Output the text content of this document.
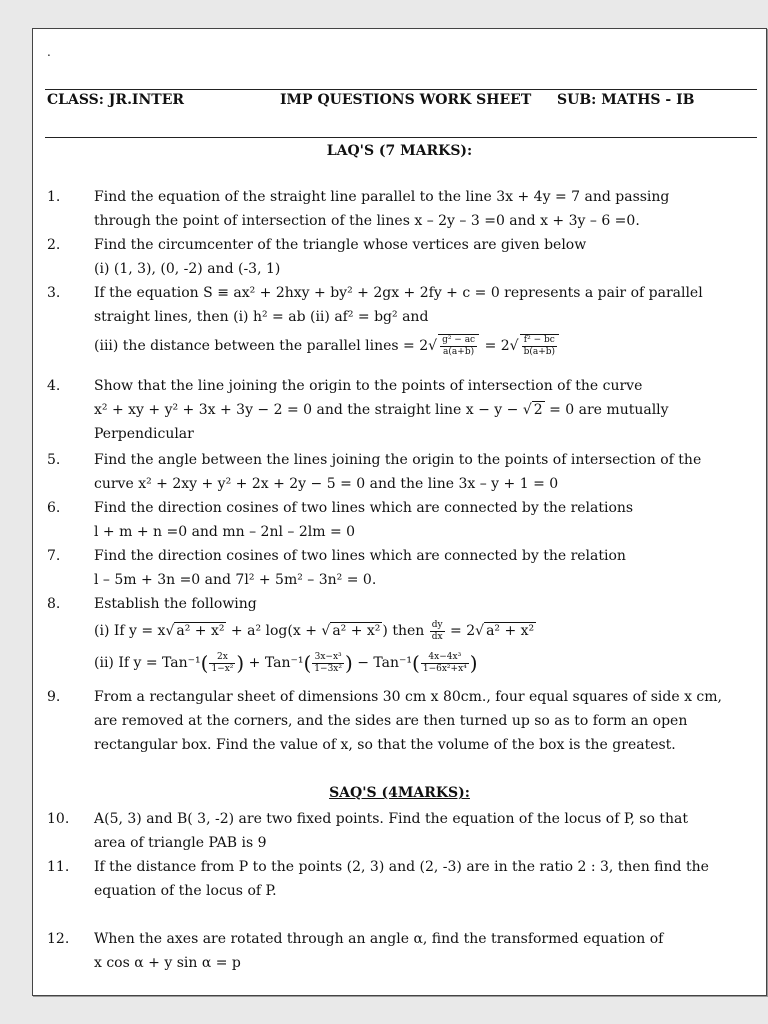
.
CLASS: JR.INTER	IMP QUESTIONS WORK SHEET SUB: MATHS - IB
LAQ'S (7 MARKS):
1.	Find the equation of the straight line parallel to the line 3x + 4y = 7 and passing
through the point of intersection of the lines x – 2y – 3 =0 and x + 3y – 6 =0.
2.	Find the circumcenter of the triangle whose vertices are given below
(i) (1, 3), (0, -2) and (-3, 1)
3.	If the equation S ≡ ax² + 2hxy + by² + 2gx + 2fy + c = 0 represents a pair of parallel
straight lines, then (i) h² = ab (ii) af² = bg² and
(iii) the distance between the parallel lines = $2√ \frac{\text{g² − ac}}{a(a+b)} = 2√ \frac{\text{f² − bc}}{b(a+b)}$
4.	Show that the line joining the origin to the points of intersection of the curve
x² + xy + y² + 3x + 3y − 2 = 0 and the straight line x − y − √ 2 = 0 are mutually
Perpendicular
5.	Find the angle between the lines joining the origin to the points of intersection of the
curve x² + 2xy + y² + 2x + 2y − 5 = 0 and the line 3x – y + 1 = 0
6.	Find the direction cosines of two lines which are connected by the relations
l + m + n =0 and mn – 2nl – 2lm = 0
7.	Find the direction cosines of two lines which are connected by the relation
l – 5m + 3n =0 and 7l² + 5m² – 3n² = 0.
8.	Establish the following
(i) If y = x√ a² + x² + a² log(x + √ a² + x² ) then $\frac{dy}{dx} = 2√$ a² + x²
(ii) If $y = Tan^{-1}( \frac{2x}{\text{1−x²}}$ ) + $Tan^{-1}( \frac{\text{3x−x³}}{\text{1−3x²}}$ ) − $Tan^{-1}( \frac{\text{4x−4x³}}{\text{1−6x²+x⁴}}$ )
9.	From a rectangular sheet of dimensions 30 cm x 80cm., four equal squares of side x cm,
are removed at the corners, and the sides are then turned up so as to form an open
rectangular box. Find the value of x, so that the volume of the box is the greatest.
SAQ'S (4MARKS):
10.	A(5, 3) and B( 3, -2) are two fixed points. Find the equation of the locus of P, so that
area of triangle PAB is 9
11.	If the distance from P to the points (2, 3) and (2, -3) are in the ratio 2 : 3, then find the
equation of the locus of P.
12.	When the axes are rotated through an angle α, find the transformed equation of
x cos α + y sin α = p
